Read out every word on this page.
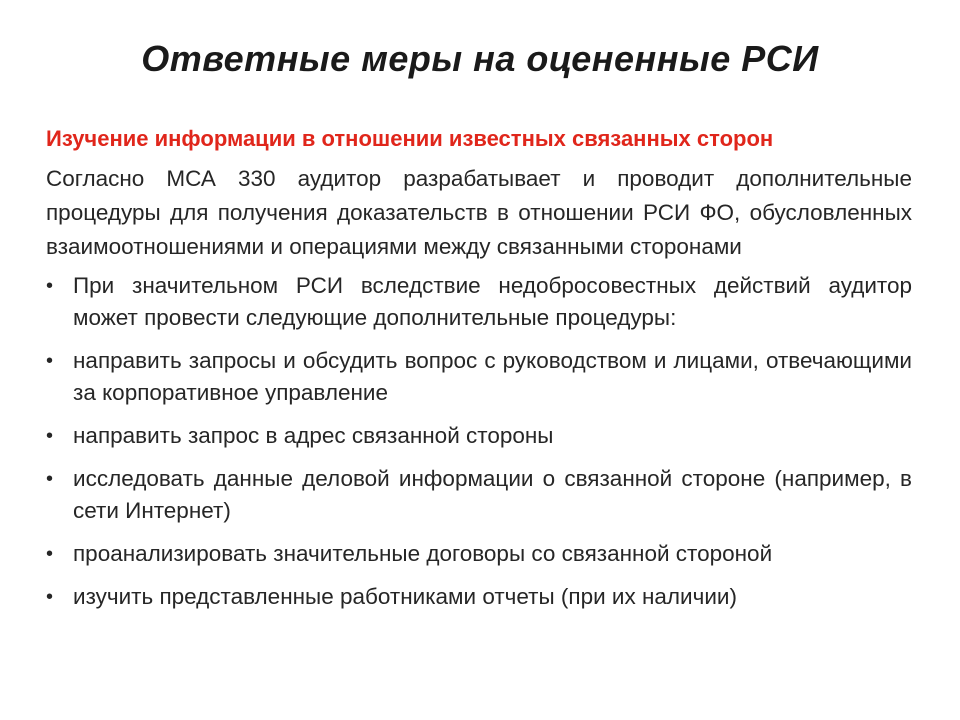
Ответные меры на оцененные РСИ

Изучение информации в отношении известных связанных сторон

Согласно МСА 330 аудитор разрабатывает и проводит дополнительные процедуры для получения доказательств в отношении РСИ ФО, обусловленных взаимоотношениями и операциями между связанными сторонами

• При значительном РСИ вследствие недобросовестных действий аудитор может провести следующие дополнительные процедуры:
• направить запросы и обсудить вопрос с руководством и лицами, отвечающими за корпоративное управление
• направить запрос в адрес связанной стороны
• исследовать данные деловой информации о связанной стороне (например, в сети Интернет)
• проанализировать значительные договоры со связанной стороной
• изучить представленные работниками отчеты (при их наличии)
